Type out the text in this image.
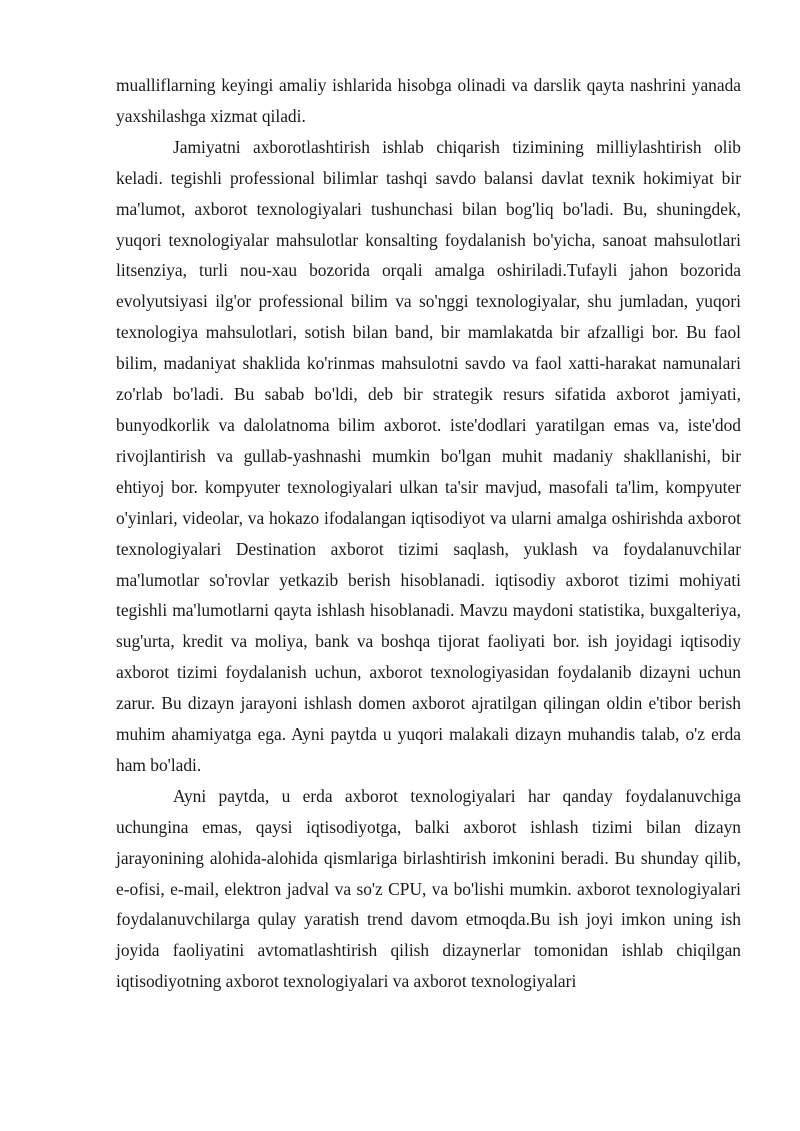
mualliflarning keyingi amaliy ishlarida hisobga olinadi va darslik qayta nashrini yanada yaxshilashga xizmat qiladi.

Jamiyatni axborotlashtirish ishlab chiqarish tizimining milliylashtirish olib keladi. tegishli professional bilimlar tashqi savdo balansi davlat texnik hokimiyat bir ma'lumot, axborot texnologiyalari tushunchasi bilan bog'liq bo'ladi. Bu, shuningdek, yuqori texnologiyalar mahsulotlar konsalting foydalanish bo'yicha, sanoat mahsulotlari litsenziya, turli nou-xau bozorida orqali amalga oshiriladi.Tufayli jahon bozorida evolyutsiyasi ilg'or professional bilim va so'nggi texnologiyalar, shu jumladan, yuqori texnologiya mahsulotlari, sotish bilan band, bir mamlakatda bir afzalligi bor. Bu faol bilim, madaniyat shaklida ko'rinmas mahsulotni savdo va faol xatti-harakat namunalari zo'rlab bo'ladi. Bu sabab bo'ldi, deb bir strategik resurs sifatida axborot jamiyati, bunyodkorlik va dalolatnoma bilim axborot. iste'dodlari yaratilgan emas va, iste'dod rivojlantirish va gullab-yashnashi mumkin bo'lgan muhit madaniy shakllanishi, bir ehtiyoj bor. kompyuter texnologiyalari ulkan ta'sir mavjud, masofali ta'lim, kompyuter o'yinlari, videolar, va hokazo ifodalangan iqtisodiyot va ularni amalga oshirishda axborot texnologiyalari Destination axborot tizimi saqlash, yuklash va foydalanuvchilar ma'lumotlar so'rovlar yetkazib berish hisoblanadi. iqtisodiy axborot tizimi mohiyati tegishli ma'lumotlarni qayta ishlash hisoblanadi. Mavzu maydoni statistika, buxgalteriya, sug'urta, kredit va moliya, bank va boshqa tijorat faoliyati bor. ish joyidagi iqtisodiy axborot tizimi foydalanish uchun, axborot texnologiyasidan foydalanib dizayni uchun zarur. Bu dizayn jarayoni ishlash domen axborot ajratilgan qilingan oldin e'tibor berish muhim ahamiyatga ega. Ayni paytda u yuqori malakali dizayn muhandis talab, o'z erda ham bo'ladi.

Ayni paytda, u erda axborot texnologiyalari har qanday foydalanuvchiga uchungina emas, qaysi iqtisodiyotga, balki axborot ishlash tizimi bilan dizayn jarayonining alohida-alohida qismlariga birlashtirish imkonini beradi. Bu shunday qilib, e-ofisi, e-mail, elektron jadval va so'z CPU, va bo'lishi mumkin. axborot texnologiyalari foydalanuvchilarga qulay yaratish trend davom etmoqda.Bu ish joyi imkon uning ish joyida faoliyatini avtomatlashtirish qilish dizaynerlar tomonidan ishlab chiqilgan iqtisodiyotning axborot texnologiyalari va axborot texnologiyalari
